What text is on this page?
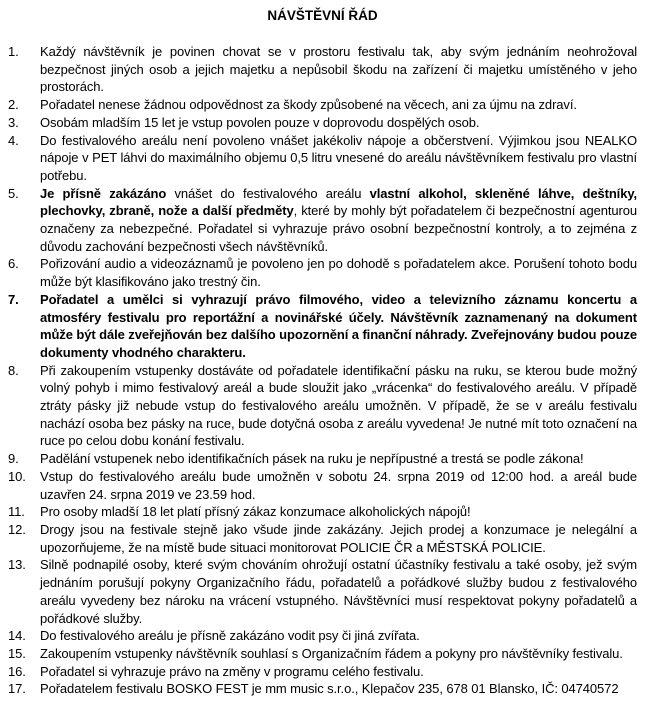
NÁVŠTĚVNÍ ŘÁD
1.	Každý návštěvník je povinen chovat se v prostoru festivalu tak, aby svým jednáním neohrožoval bezpečnost jiných osob a jejich majetku a nepůsobil škodu na zařízení či majetku umístěného v jeho prostorách.
2.	Pořadatel nenese žádnou odpovědnost za škody způsobené na věcech, ani za újmu na zdraví.
3.	Osobám mladším 15 let je vstup povolen pouze v doprovodu dospělých osob.
4.	Do festivalového areálu není povoleno vnášet jakékoliv nápoje a občerstvení. Výjimkou jsou NEALKO nápoje v PET láhvi do maximálního objemu 0,5 litru vnesené do areálu návštěvníkem festivalu pro vlastní potřebu.
5.	Je přísně zakázáno vnášet do festivalového areálu vlastní alkohol, skleněné láhve, deštníky, plechovky, zbraně, nože a další předměty, které by mohly být pořadatelem či bezpečnostní agenturou označeny za nebezpečné. Pořadatel si vyhrazuje právo osobní bezpečnostní kontroly, a to zejména z důvodu zachování bezpečnosti všech návštěvníků.
6.	Pořizování audio a videozáznamů je povoleno jen po dohodě s pořadatelem akce. Porušení tohoto bodu může být klasifikováno jako trestný čin.
7.	Pořadatel a umělci si vyhrazují právo filmového, video a televizního záznamu koncertu a atmosféry festivalu pro reportážní a novinářské účely. Návštěvník zaznamenaný na dokument může být dále zveřejňován bez dalšího upozornění a finanční náhrady. Zveřejnovány budou pouze dokumenty vhodného charakteru.
8.	Při zakoupením vstupenky dostáváte od pořadatele identifikační pásku na ruku, se kterou bude možný volný pohyb i mimo festivalový areál a bude sloužit jako „vrácenka“ do festivalového areálu. V případě ztráty pásky již nebude vstup do festivalového areálu umožněn. V případě, že se v areálu festivalu nachází osoba bez pásky na ruce, bude dotyčná osoba z areálu vyvedena! Je nutné mít toto označení na ruce po celou dobu konání festivalu.
9.	Padělání vstupenek nebo identifikačních pásek na ruku je nepřípustné a trestá se podle zákona!
10.	Vstup do festivalového areálu bude umožněn v sobotu 24. srpna 2019 od 12:00 hod. a areál bude uzavřen 24. srpna 2019 ve 23.59 hod.
11.	Pro osoby mladší 18 let platí přísný zákaz konzumace alkoholických nápojů!
12.	Drogy jsou na festivale stejně jako všude jinde zakázány. Jejich prodej a konzumace je nelegální a upozorňujeme, že na místě bude situaci monitorovat POLICIE ČR a MĚSTSKÁ POLICIE.
13.	Silně podnapilé osoby, které svým chováním ohrožují ostatní účastníky festivalu a také osoby, jež svým jednáním porušují pokyny Organizačního řádu, pořadatelů a pořádkové služby budou z festivalového areálu vyvedeny bez nároku na vrácení vstupného. Návštěvníci musí respektovat pokyny pořadatelů a pořádkové služby.
14.	Do festivalového areálu je přísně zakázáno vodit psy či jiná zvířata.
15.	Zakoupením vstupenky návštěvník souhlasí s Organizačním řádem a pokyny pro návštěvníky festivalu.
16.	Pořadatel si vyhrazuje právo na změny v programu celého festivalu.
17.	Pořadatelem festivalu BOSKO FEST je mm music s.r.o., Klepačov 235, 678 01 Blansko, IČ: 04740572
